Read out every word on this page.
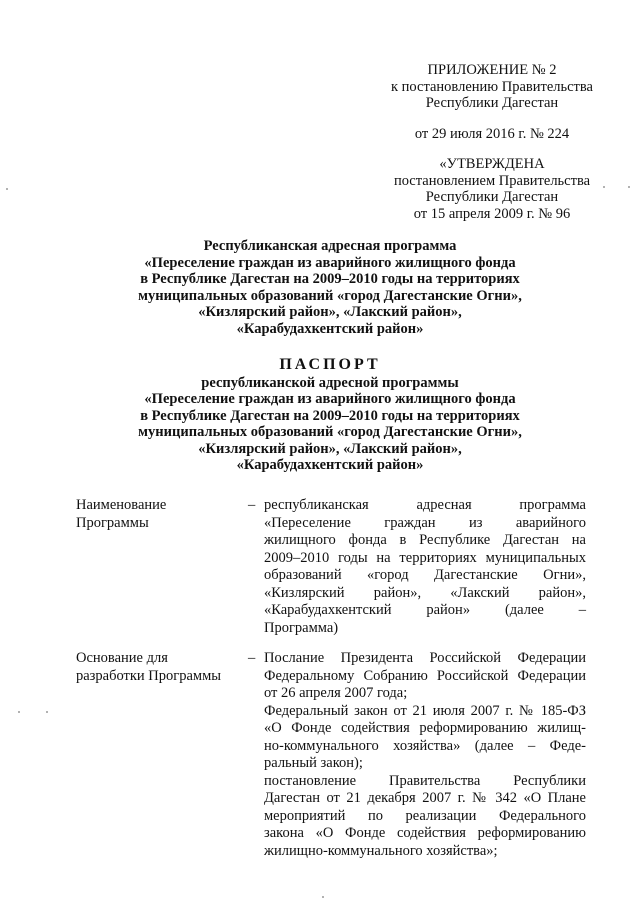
ПРИЛОЖЕНИЕ № 2
к постановлению Правительства
Республики Дагестан
от 29 июля 2016 г. № 224
«УТВЕРЖДЕНА
постановлением Правительства
Республики Дагестан
от 15 апреля 2009 г. № 96
Республиканская адресная программа
«Переселение граждан из аварийного жилищного фонда
в Республике Дагестан на 2009–2010 годы на территориях
муниципальных образований «город Дагестанские Огни»,
«Кизлярский район», «Лакский район»,
«Карабудахкентский район»
ПАСПОРТ
республиканской адресной программы
«Переселение граждан из аварийного жилищного фонда
в Республике Дагестан на 2009–2010 годы на территориях
муниципальных образований «город Дагестанские Огни»,
«Кизлярский район», «Лакский район»,
«Карабудахкентский район»
Наименование
Программы
– республиканская адресная программа
«Переселение граждан из аварийного
жилищного фонда в Республике Дагестан на
2009–2010 годы на территориях муниципальных
образований «город Дагестанские Огни»,
«Кизлярский район», «Лакский район»,
«Карабудахкентский район» (далее –
Программа)
Основание для
разработки Программы
– Послание Президента Российской Федерации
Федеральному Собранию Российской Федерации
от 26 апреля 2007 года;
Федеральный закон от 21 июля 2007 г. № 185-ФЗ
«О Фонде содействия реформированию жилищ-
но-коммунального хозяйства» (далее – Феде-
ральный закон);
постановление Правительства Республики
Дагестан от 21 декабря 2007 г. № 342 «О Плане
мероприятий по реализации Федерального
закона «О Фонде содействия реформированию
жилищно-коммунального хозяйства»;
